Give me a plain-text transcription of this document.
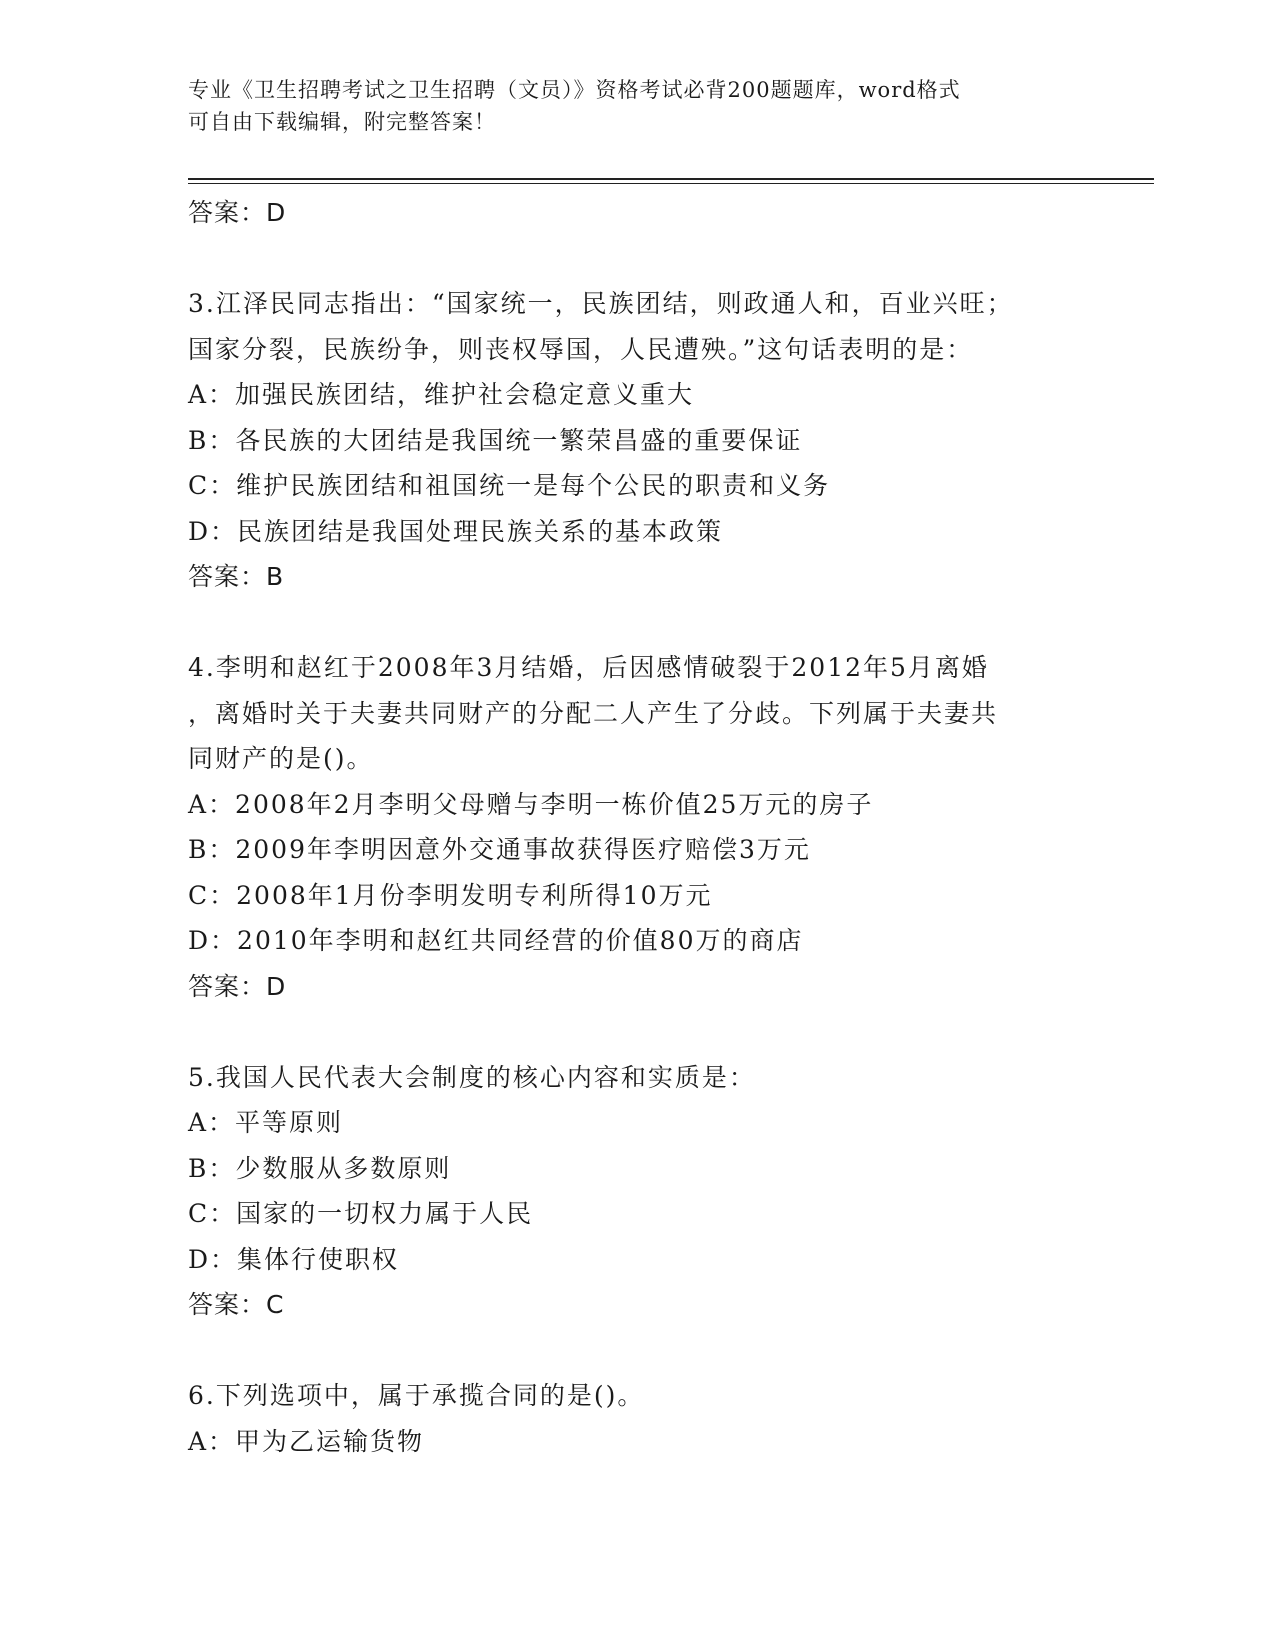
专业《卫生招聘考试之卫生招聘（文员）》资格考试必背200题题库，word格式
可自由下载编辑，附完整答案！
答案：D
3.江泽民同志指出：“国家统一，民族团结，则政通人和，百业兴旺；
国家分裂，民族纷争，则丧权辱国，人民遭殃。”这句话表明的是：
A：加强民族团结，维护社会稳定意义重大
B：各民族的大团结是我国统一繁荣昌盛的重要保证
C：维护民族团结和祖国统一是每个公民的职责和义务
D：民族团结是我国处理民族关系的基本政策
答案：B
4.李明和赵红于2008年3月结婚，后因感情破裂于2012年5月离婚
，离婚时关于夫妻共同财产的分配二人产生了分歧。下列属于夫妻共
同财产的是()。
A：2008年2月李明父母赠与李明一栋价值25万元的房子
B：2009年李明因意外交通事故获得医疗赔偿3万元
C：2008年1月份李明发明专利所得10万元
D：2010年李明和赵红共同经营的价值80万的商店
答案：D
5.我国人民代表大会制度的核心内容和实质是：
A：平等原则
B：少数服从多数原则
C：国家的一切权力属于人民
D：集体行使职权
答案：C
6.下列选项中，属于承揽合同的是()。
A：甲为乙运输货物
